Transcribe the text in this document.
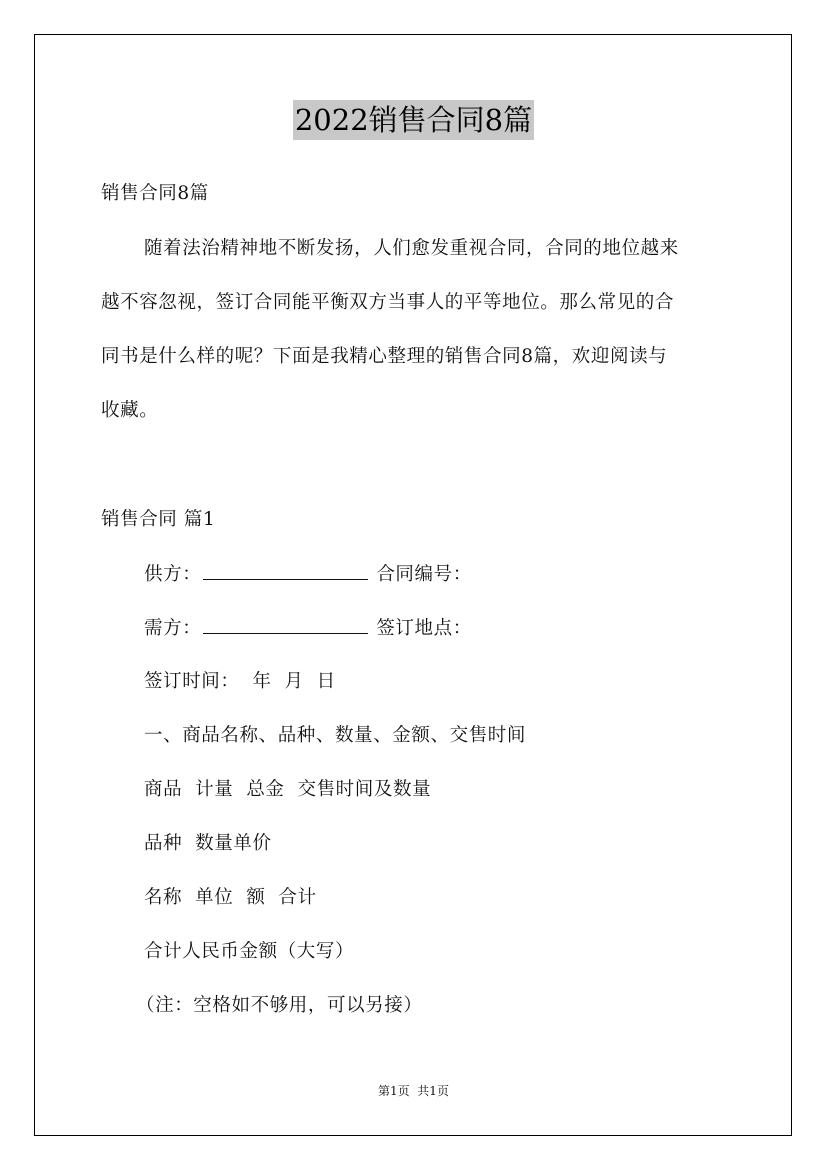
2022销售合同8篇
销售合同8篇
随着法治精神地不断发扬，人们愈发重视合同，合同的地位越来
越不容忽视，签订合同能平衡双方当事人的平等地位。那么常见的合
同书是什么样的呢？下面是我精心整理的销售合同8篇，欢迎阅读与
收藏。
销售合同 篇1
供方：	合同编号：
需方：	签订地点：
签订时间：  年  月  日
一、商品名称、品种、数量、金额、交售时间
商品  计量  总金  交售时间及数量
品种  数量单价
名称  单位  额  合计
合计人民币金额（大写）
（注：空格如不够用，可以另接）
第1页  共1页
